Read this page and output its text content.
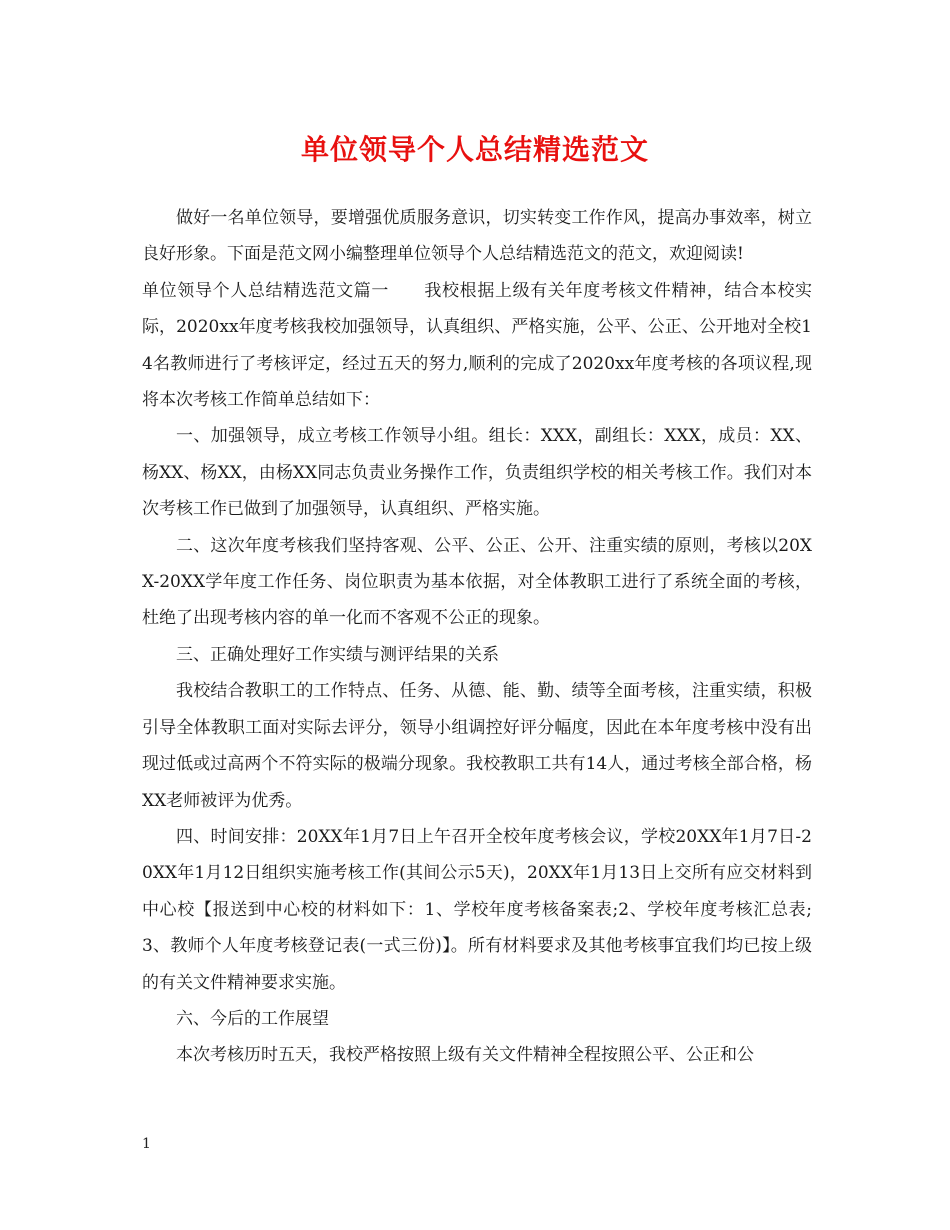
单位领导个人总结精选范文

做好一名单位领导，要增强优质服务意识，切实转变工作作风，提高办事效率，树立良好形象。下面是范文网小编整理单位领导个人总结精选范文的范文，欢迎阅读!

单位领导个人总结精选范文篇一　　我校根据上级有关年度考核文件精神，结合本校实际，2020xx年度考核我校加强领导，认真组织、严格实施，公平、公正、公开地对全校14名教师进行了考核评定，经过五天的努力,顺利的完成了2020xx年度考核的各项议程,现将本次考核工作简单总结如下：

一、加强领导，成立考核工作领导小组。组长：XXX，副组长：XXX，成员：XX、杨XX、杨XX，由杨XX同志负责业务操作工作，负责组织学校的相关考核工作。我们对本次考核工作已做到了加强领导，认真组织、严格实施。

二、这次年度考核我们坚持客观、公平、公正、公开、注重实绩的原则，考核以20XX-20XX学年度工作任务、岗位职责为基本依据，对全体教职工进行了系统全面的考核，杜绝了出现考核内容的单一化而不客观不公正的现象。

三、正确处理好工作实绩与测评结果的关系

我校结合教职工的工作特点、任务、从德、能、勤、绩等全面考核，注重实绩，积极引导全体教职工面对实际去评分，领导小组调控好评分幅度，因此在本年度考核中没有出现过低或过高两个不符实际的极端分现象。我校教职工共有14人，通过考核全部合格，杨XX老师被评为优秀。

四、时间安排：20XX年1月7日上午召开全校年度考核会议，学校20XX年1月7日-20XX年1月12日组织实施考核工作(其间公示5天)，20XX年1月13日上交所有应交材料到中心校【报送到中心校的材料如下：1、学校年度考核备案表;2、学校年度考核汇总表;3、教师个人年度考核登记表(一式三份)】。所有材料要求及其他考核事宜我们均已按上级的有关文件精神要求实施。

六、今后的工作展望

本次考核历时五天，我校严格按照上级有关文件精神全程按照公平、公正和公

1
